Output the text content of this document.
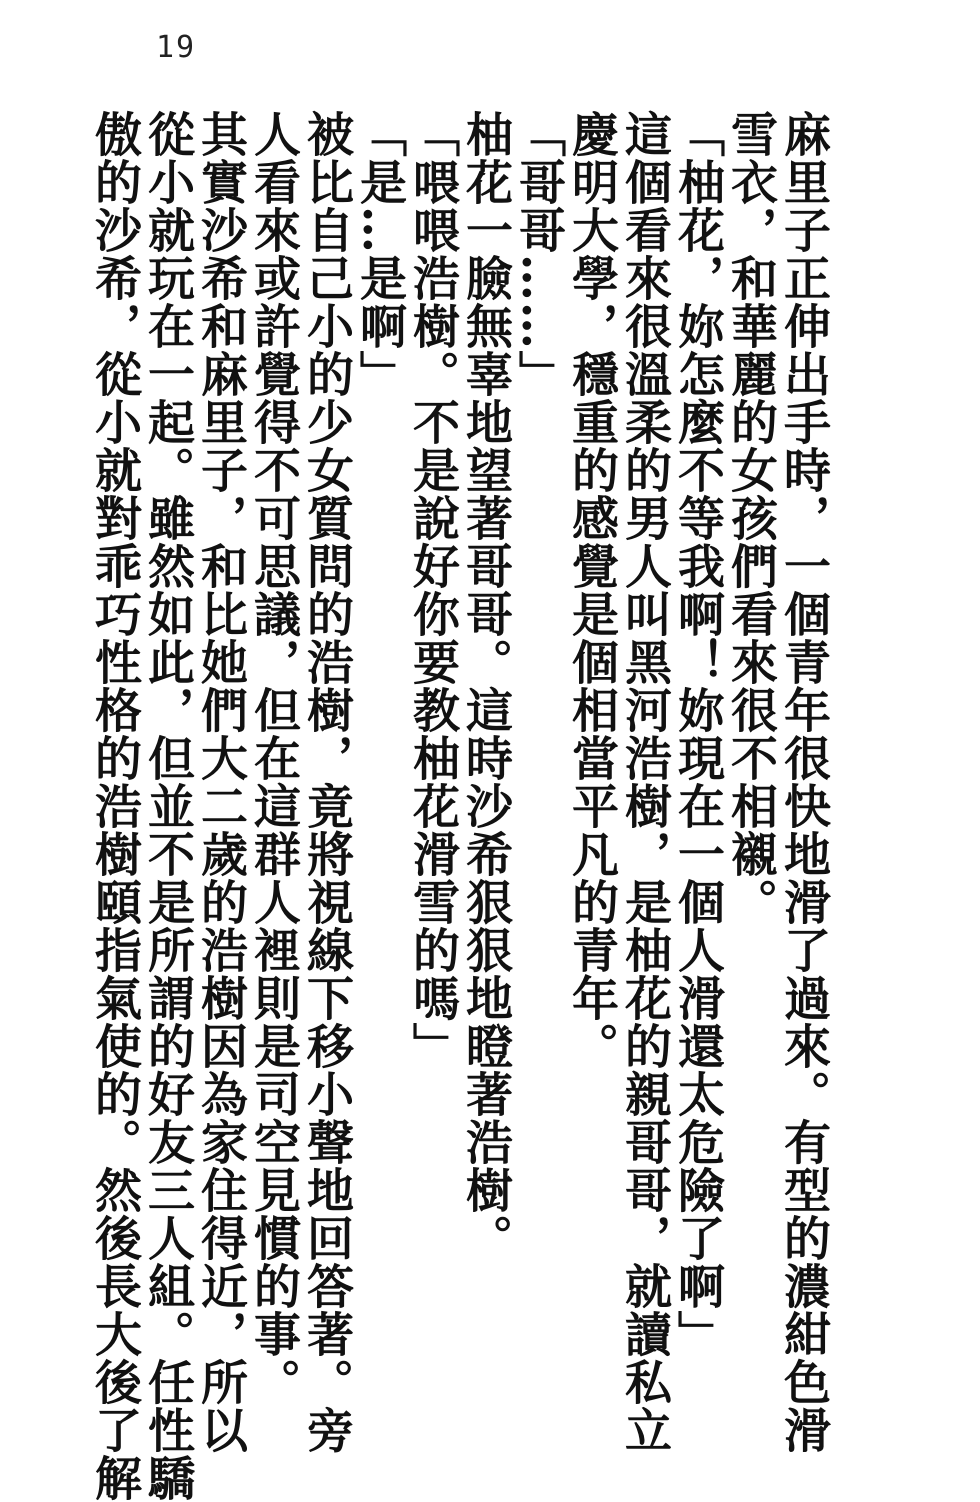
19

麻里子正伸出手時，一個青年很快地滑了過來。有型的濃紺色滑

雪衣，和華麗的女孩們看來很不相襯。

「柚花，妳怎麼不等我啊！妳現在一個人滑還太危險了啊」

這個看來很溫柔的男人叫黑河浩樹，是柚花的親哥哥，就讀私立

慶明大學，穩重的感覺是個相當平凡的青年。

「哥哥……」

柚花一臉無辜地望著哥哥。這時沙希狠狠地瞪著浩樹。

「喂喂浩樹。不是說好你要教柚花滑雪的嗎」

「是…是啊」

被比自己小的少女質問的浩樹，竟將視線下移小聲地回答著。旁

人看來或許覺得不可思議，但在這群人裡則是司空見慣的事。

其實沙希和麻里子，和比她們大二歲的浩樹因為家住得近，所以

從小就玩在一起。雖然如此，但並不是所謂的好友三人組。任性驕

傲的沙希，從小就對乖巧性格的浩樹頤指氣使的。然後長大後了解
